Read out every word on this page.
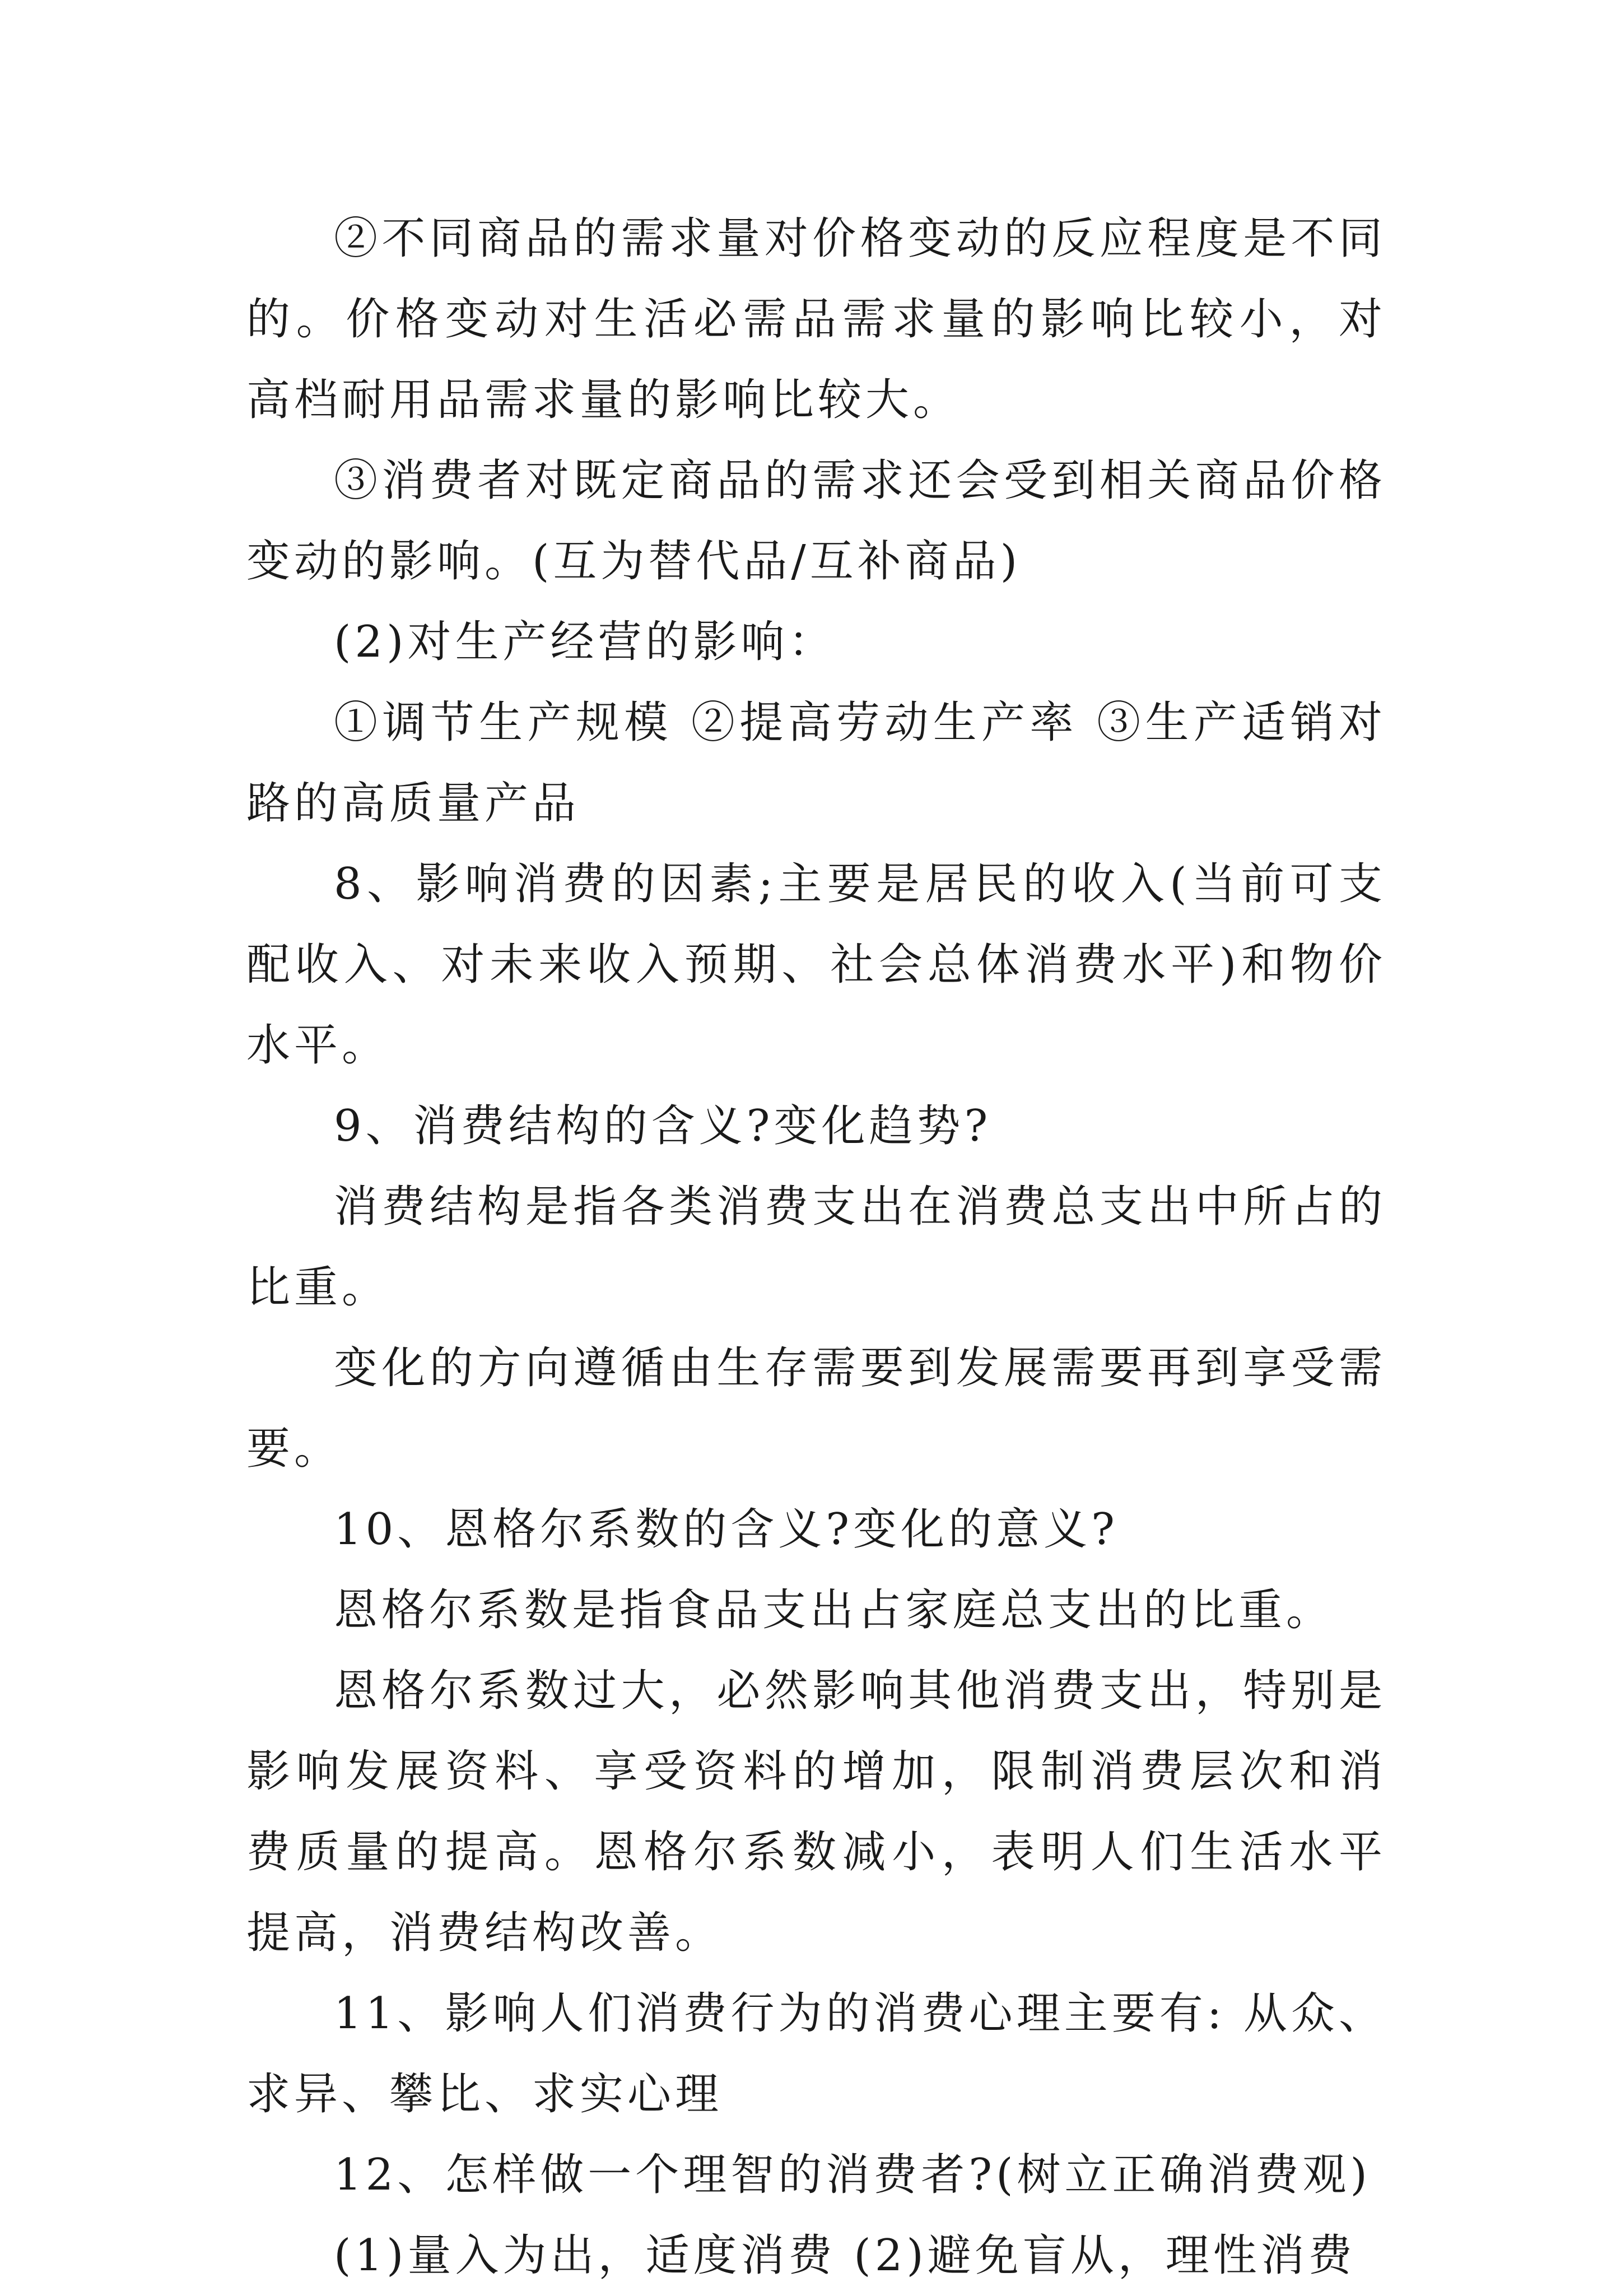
②不同商品的需求量对价格变动的反应程度是不同的。价格变动对生活必需品需求量的影响比较小，对高档耐用品需求量的影响比较大。

③消费者对既定商品的需求还会受到相关商品价格变动的影响。(互为替代品/互补商品)

(2)对生产经营的影响：

①调节生产规模 ②提高劳动生产率 ③生产适销对路的高质量产品

8、影响消费的因素;主要是居民的收入(当前可支配收入、对未来收入预期、社会总体消费水平)和物价水平。

9、消费结构的含义?变化趋势?

消费结构是指各类消费支出在消费总支出中所占的比重。

变化的方向遵循由生存需要到发展需要再到享受需要。

10、恩格尔系数的含义?变化的意义?

恩格尔系数是指食品支出占家庭总支出的比重。

恩格尔系数过大，必然影响其他消费支出，特别是影响发展资料、享受资料的增加，限制消费层次和消费质量的提高。恩格尔系数减小，表明人们生活水平提高，消费结构改善。

11、影响人们消费行为的消费心理主要有: 从众、求异、攀比、求实心理

12、怎样做一个理智的消费者?(树立正确消费观)

(1)量入为出，适度消费 (2)避免盲从，理性消费
